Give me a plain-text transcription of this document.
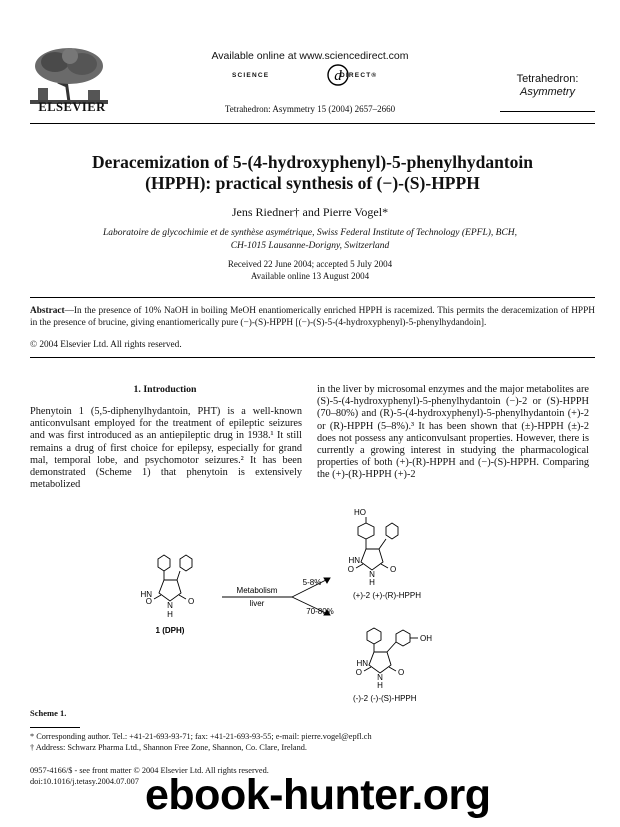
ELSEVIER
Available online at www.sciencedirect.com
SCIENCE	d
DIRECT®
Tetrahedron: Asymmetry 15 (2004) 2657–2660
Tetrahedron:
Asymmetry
Deracemization of 5-(4-hydroxyphenyl)-5-phenylhydantoin
(HPPH): practical synthesis of (−)-(S)-HPPH
Jens Riedner† and Pierre Vogel*
Laboratoire de glycochimie et de synthèse asymétrique, Swiss Federal Institute of Technology (EPFL), BCH,
CH-1015 Lausanne-Dorigny, Switzerland
Received 22 June 2004; accepted 5 July 2004
Available online 13 August 2004
Abstract—In the presence of 10% NaOH in boiling MeOH enantiomerically enriched HPPH is racemized. This permits the deracemization of HPPH in the presence of brucine, giving enantiomerically pure (−)-(S)-HPPH [(−)-(S)-5-(4-hydroxyphenyl)-5-phenylhydandoin].
© 2004 Elsevier Ltd. All rights reserved.
1. Introduction

Phenytoin 1 (5,5-diphenylhydantoin, PHT) is a well-known anticonvulsant employed for the treatment of epileptic seizures and was first introduced as an antiepileptic drug in 1938.¹ It still remains a drug of first choice for epilepsy, especially for grand mal, temporal lobe, and psychomotor seizures.² It has been demonstrated (Scheme 1) that phenytoin is extensively metabolized

in the liver by microsomal enzymes and the major metabolites are (S)-5-(4-hydroxyphenyl)-5-phenylhydantoin (−)-2 or (S)-HPPH (70–80%) and (R)-5-(4-hydroxyphenyl)-5-phenylhydantoin (+)-2 or (R)-HPPH (5–8%).³ It has been shown that (±)-HPPH (±)-2 does not possess any anticonvulsant properties. However, there is currently a growing interest in studying the pharmacological properties of both (+)-(R)-HPPH and (−)-(S)-HPPH. Comparing the (+)-(R)-HPPH (+)-2

HN
N
H
O	O
1 (DPH)
Metabolism
liver
5-8%
70-80%
HO
HN
N
H
O	O
(+)-2 (+)-(R)-HPPH
OH
HN
N
H
O	O
(-)-2 (-)-(S)-HPPH
Scheme 1.
* Corresponding author. Tel.: +41-21-693-93-71; fax: +41-21-693-93-55; e-mail: pierre.vogel@epfl.ch
† Address: Schwarz Pharma Ltd., Shannon Free Zone, Shannon, Co. Clare, Ireland.
0957-4166/$ - see front matter © 2004 Elsevier Ltd. All rights reserved.
doi:10.1016/j.tetasy.2004.07.007 ebook-hunter.org
